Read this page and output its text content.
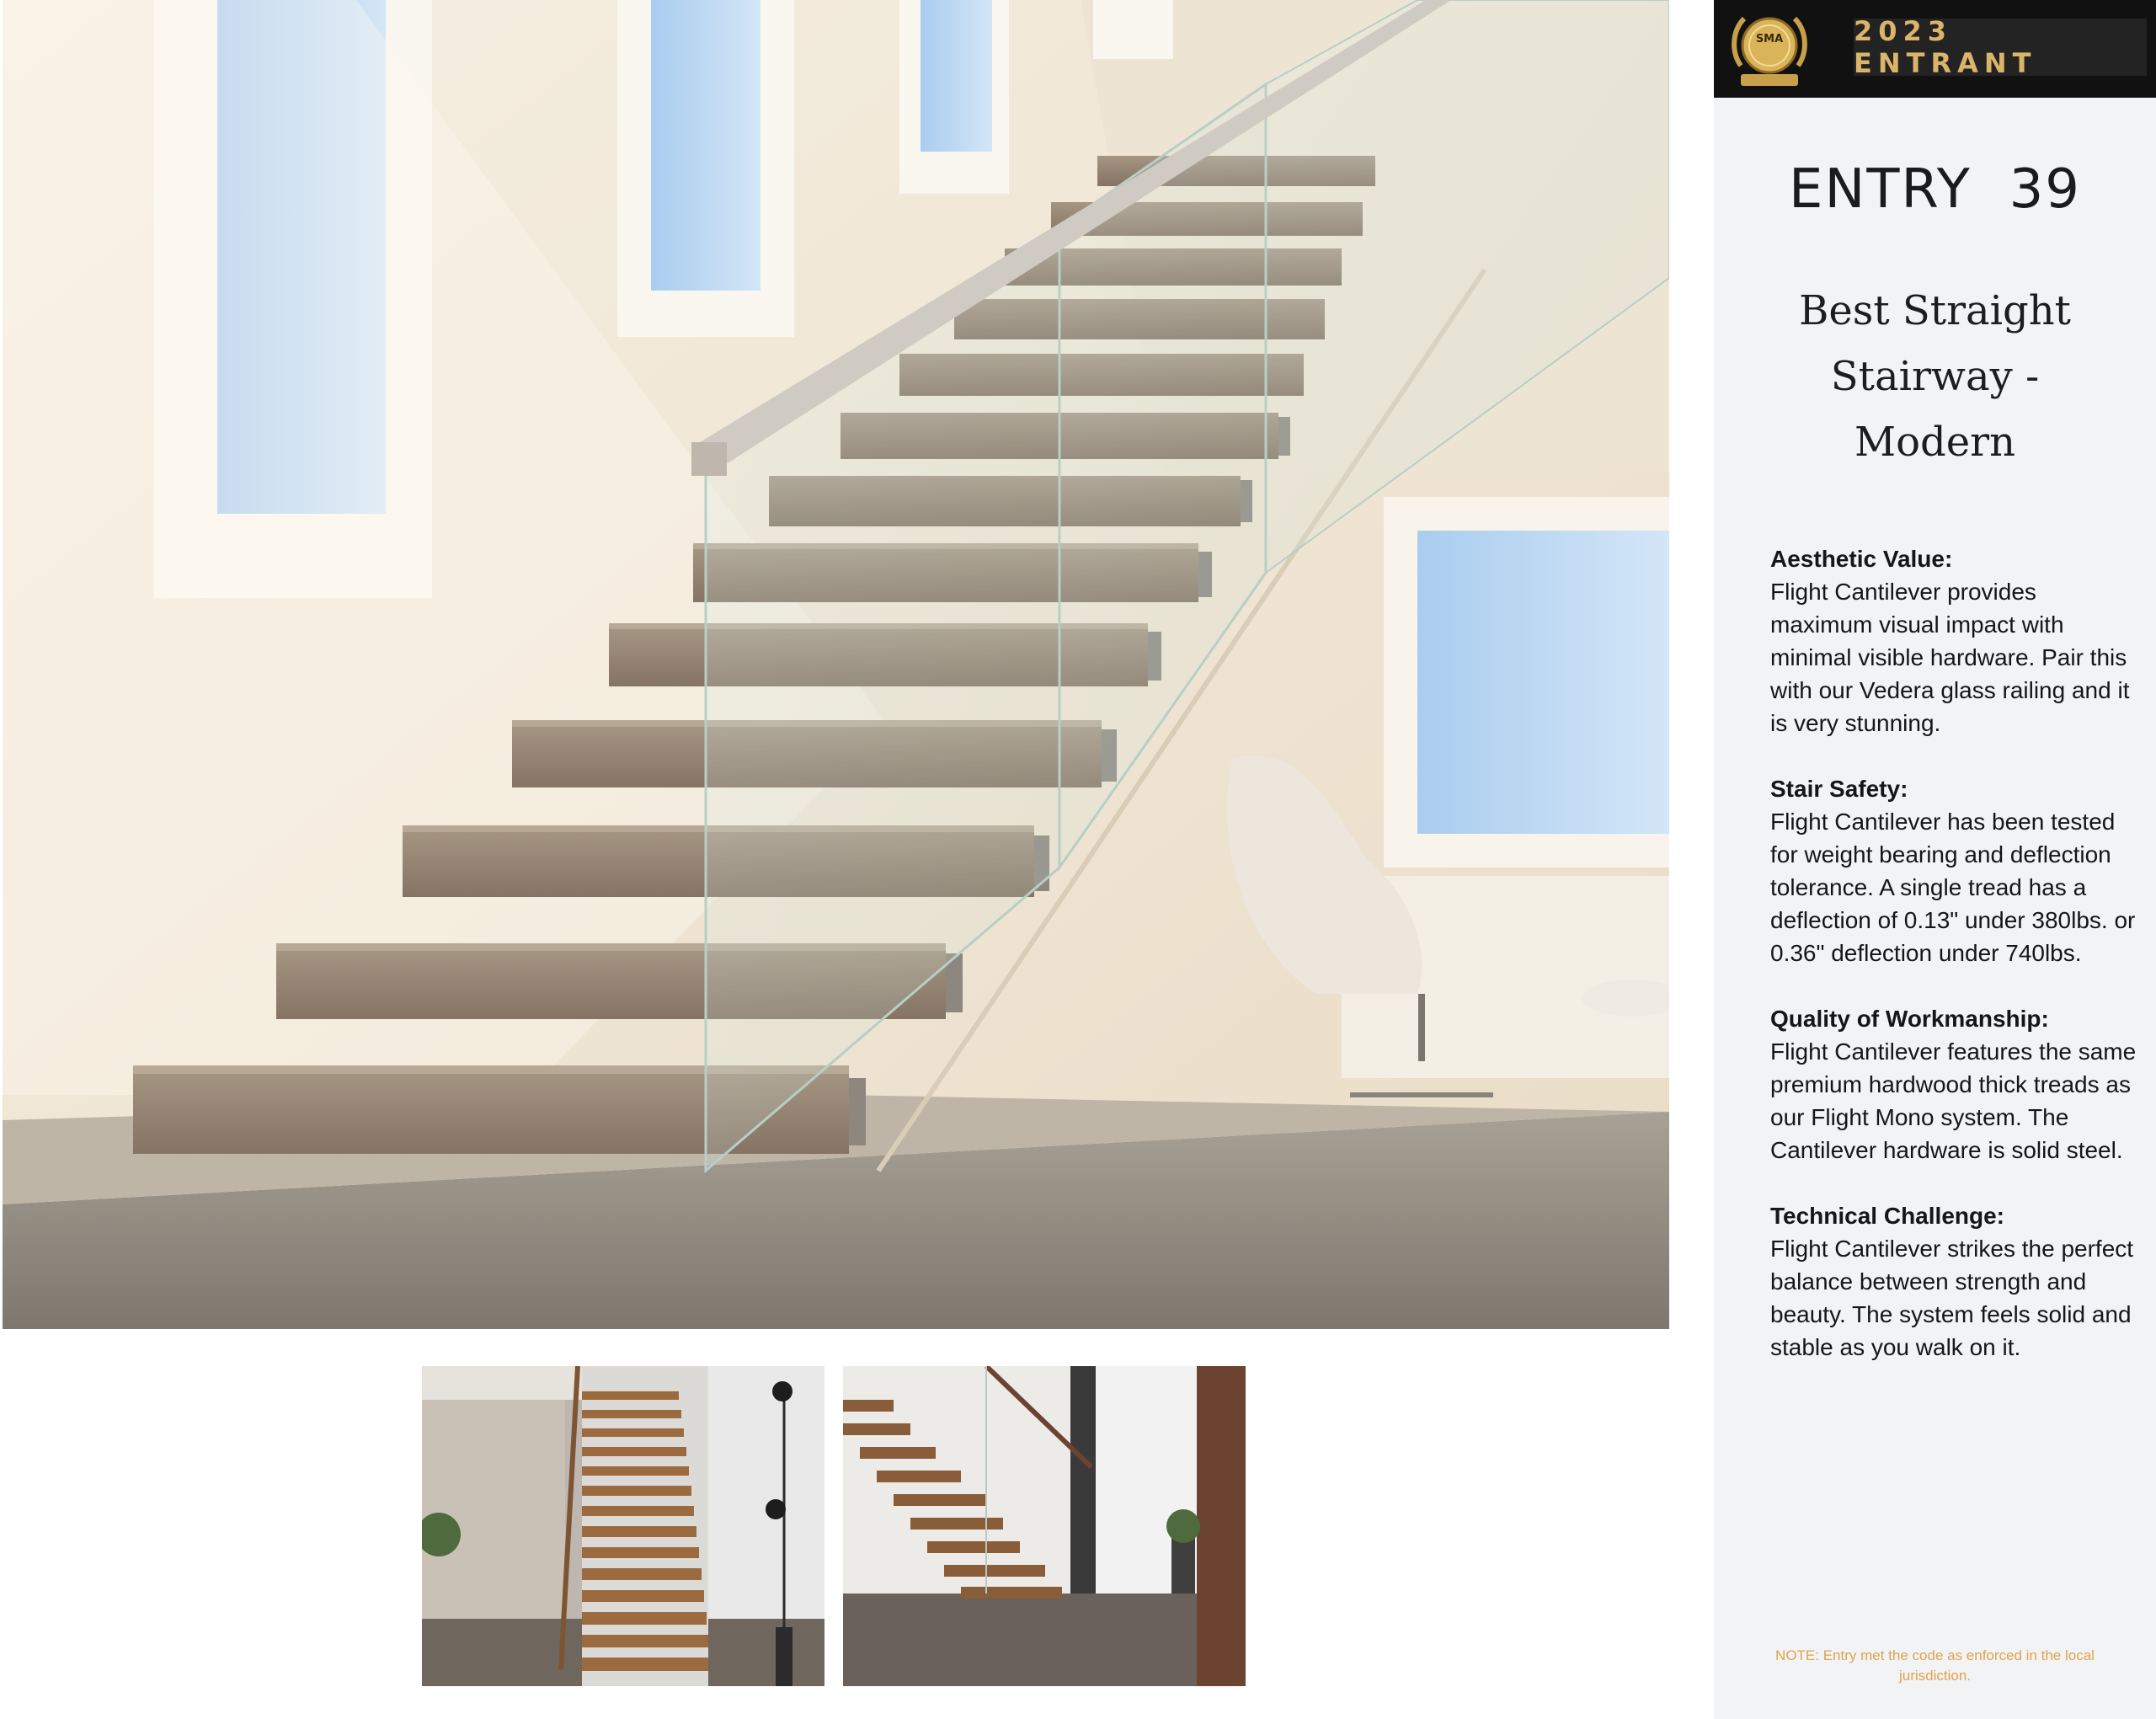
SMA	2023 ENTRANT
ENTRY  39
Best Straight
Stairway -
Modern
Aesthetic Value:
Flight Cantilever provides maximum visual impact with minimal visible hardware. Pair this with our Vedera glass railing and it is very stunning.
Stair Safety:
Flight Cantilever has been tested for weight bearing and deflection tolerance. A single tread has a deflection of 0.13" under 380lbs. or 0.36" deflection under 740lbs.
Quality of Workmanship:
Flight Cantilever features the same premium hardwood thick treads as our Flight Mono system. The Cantilever hardware is solid steel.
Technical Challenge:
Flight Cantilever strikes the perfect balance between strength and beauty. The system feels solid and stable as you walk on it.
NOTE: Entry met the code as enforced in the local jurisdiction.
